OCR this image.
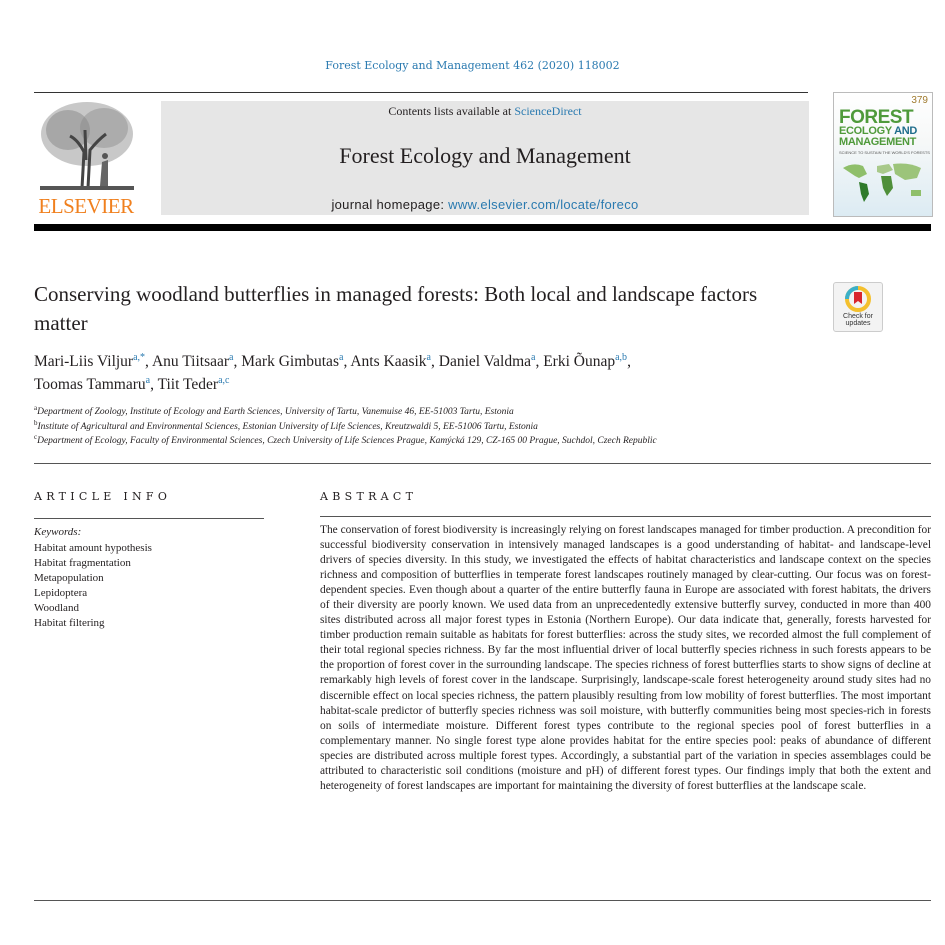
Forest Ecology and Management 462 (2020) 118002
ELSEVIER
Contents lists available at ScienceDirect
Forest Ecology and Management
journal homepage: www.elsevier.com/locate/foreco
379
FOREST
ECOLOGY AND
MANAGEMENT
SCIENCE TO SUSTAIN THE WORLD'S FORESTS
Conserving woodland butterflies in managed forests: Both local and landscape factors matter	Check for
updates
Mari-Liis Viljur$^{a,*}$, Anu Tiitsaar$^a$, Mark Gimbutas$^a$, Ants Kaasik$^a$, Daniel Valdma$^a$, Erki Õunap$^{a,b}$,
Toomas Tammaru$^a$, Tiit Teder$^{a,c}$
$^a$Department of Zoology, Institute of Ecology and Earth Sciences, University of Tartu, Vanemuise 46, EE-51003 Tartu, Estonia
$^b$Institute of Agricultural and Environmental Sciences, Estonian University of Life Sciences, Kreutzwaldi 5, EE-51006 Tartu, Estonia
$^c$Department of Ecology, Faculty of Environmental Sciences, Czech University of Life Sciences Prague, Kamýcká 129, CZ-165 00 Prague, Suchdol, Czech Republic
ARTICLE INFO
Keywords:
Habitat amount hypothesis
Habitat fragmentation
Metapopulation
Lepidoptera
Woodland
Habitat filtering
ABSTRACT
The conservation of forest biodiversity is increasingly relying on forest landscapes managed for timber production. A precondition for successful biodiversity conservation in intensively managed landscapes is a good understanding of habitat- and landscape-level drivers of species diversity. In this study, we investigated the effects of habitat characteristics and landscape context on the species richness and composition of butterflies in temperate forest landscapes routinely managed by clear-cutting. Our focus was on forest-dependent species. Even though about a quarter of the entire butterfly fauna in Europe are associated with forest habitats, the drivers of their diversity are poorly known. We used data from an unprecedentedly extensive butterfly survey, conducted in more than 400 sites distributed across all major forest types in Estonia (Northern Europe). Our data indicate that, generally, forests harvested for timber production remain suitable as habitats for forest butterflies: across the study sites, we recorded almost the full complement of their total regional species richness. By far the most influential driver of local butterfly species richness in such forests appears to be the proportion of forest cover in the surrounding landscape. The species richness of forest butterflies starts to show signs of decline at remarkably high levels of forest cover in the landscape. Surprisingly, landscape-scale forest heterogeneity around study sites had no discernible effect on local species richness, the pattern plausibly resulting from low mobility of forest butterflies. The most important habitat-scale predictor of butterfly species richness was soil moisture, with butterfly communities being most species-rich in forests on soils of intermediate moisture. Different forest types contribute to the regional species pool of forest butterflies in a complementary manner. No single forest type alone provides habitat for the entire species pool: peaks of abundance of different species are distributed across multiple forest types. Accordingly, a substantial part of the variation in species assemblages could be attributed to characteristic soil conditions (moisture and pH) of different forest types. Our findings imply that both the extent and heterogeneity of forest landscapes are important for maintaining the diversity of forest butterflies at the landscape scale.
